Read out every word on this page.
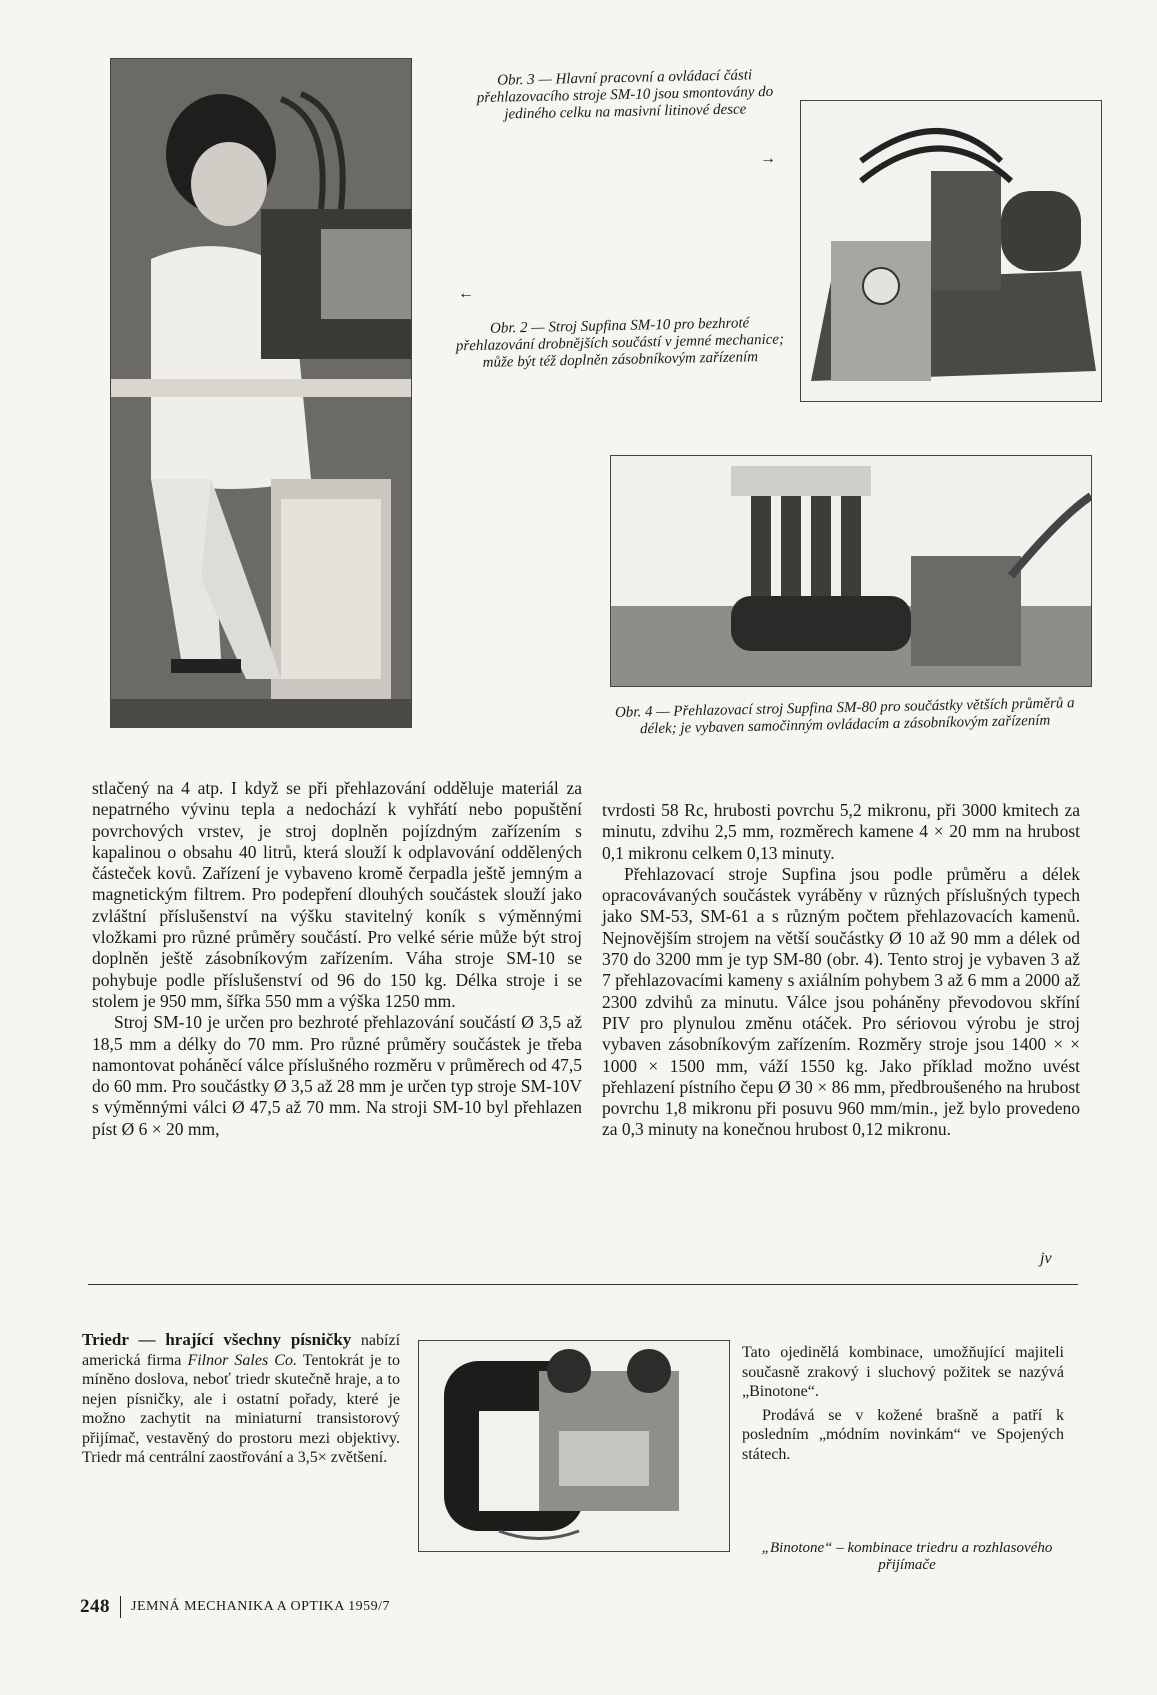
Obr. 3 — Hlavní pracovní a ovládací části přehlazovacího stroje SM-10 jsou smontovány do jediného celku na masivní litinové desce
→
←
Obr. 2 — Stroj Supfina SM-10 pro bezhroté přehlazování drobnějších součástí v jemné mechanice; může být též doplněn zásobníkovým zařízením
Obr. 4 — Přehlazovací stroj Supfina SM-80 pro součástky větších průměrů a délek; je vybaven samočinným ovládacím a zásobníkovým zařízením

stlačený na 4 atp. I když se při přehlazování odděluje materiál za nepatrného vývinu tepla a nedochází k vyhřátí nebo popuštění povrchových vrstev, je stroj doplněn pojízdným zařízením s kapalinou o obsahu 40 litrů, která slouží k odplavování oddělených částeček kovů. Zařízení je vybaveno kromě čerpadla ještě jemným a magnetickým filtrem. Pro podepření dlouhých součástek slouží jako zvláštní příslušenství na výšku stavitelný koník s výměnnými vložkami pro různé průměry součástí. Pro velké série může být stroj doplněn ještě zásobníkovým zařízením. Váha stroje SM-10 se pohybuje podle příslušenství od 96 do 150 kg. Délka stroje i se stolem je 950 mm, šířka 550 mm a výška 1250 mm.

Stroj SM-10 je určen pro bezhroté přehlazování součástí Ø 3,5 až 18,5 mm a délky do 70 mm. Pro různé průměry součástek je třeba namontovat poháněcí válce příslušného rozměru v průměrech od 47,5 do 60 mm. Pro součástky Ø 3,5 až 28 mm je určen typ stroje SM-10V s výměnnými válci Ø 47,5 až 70 mm. Na stroji SM-10 byl přehlazen píst Ø 6 × 20 mm,

tvrdosti 58 Rc, hrubosti povrchu 5,2 mikronu, při 3000 kmitech za minutu, zdvihu 2,5 mm, rozměrech kamene 4 × 20 mm na hrubost 0,1 mikronu celkem 0,13 minuty.

Přehlazovací stroje Supfina jsou podle průměru a délek opracovávaných součástek vyráběny v různých příslušných typech jako SM-53, SM-61 a s různým počtem přehlazovacích kamenů. Nejnovějším strojem na větší součástky Ø 10 až 90 mm a délek od 370 do 3200 mm je typ SM-80 (obr. 4). Tento stroj je vybaven 3 až 7 přehlazovacími kameny s axiálním pohybem 3 až 6 mm a 2000 až 2300 zdvihů za minutu. Válce jsou poháněny převodovou skříní PIV pro plynulou změnu otáček. Pro sériovou výrobu je stroj vybaven zásobníkovým zařízením. Rozměry stroje jsou 1400 × × 1000 × 1500 mm, váží 1550 kg. Jako příklad možno uvést přehlazení pístního čepu Ø 30 × 86 mm, předbroušeného na hrubost povrchu 1,8 mikronu při posuvu 960 mm/min., jež bylo provedeno za 0,3 minuty na konečnou hrubost 0,12 mikronu.

jv

Triedr — hrající všechny písničky nabízí americká firma Filnor Sales Co. Tentokrát je to míněno doslova, neboť triedr skutečně hraje, a to nejen písničky, ale i ostatní pořady, které je možno zachytit na miniaturní transistorový přijímač, vestavěný do prostoru mezi objektivy. Triedr má centrální zaostřování a 3,5× zvětšení.

Tato ojedinělá kombinace, umožňující majiteli současně zrakový i sluchový požitek se nazývá „Binotone“.

Prodává se v kožené brašně a patří k posledním „módním novinkám“ ve Spojených státech.

„Binotone“ – kombinace triedru a rozhlasového přijímače
248 JEMNÁ MECHANIKA A OPTIKA 1959/7
